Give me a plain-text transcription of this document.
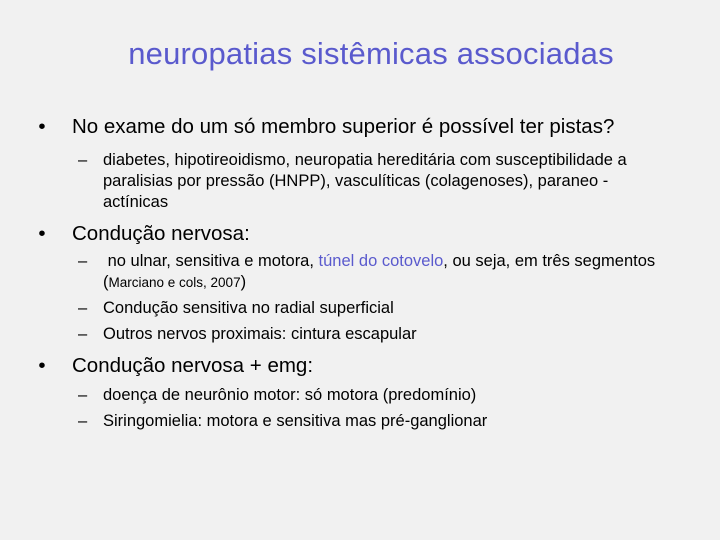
neuropatias sistêmicas associadas
•	No exame do um só membro superior é possível ter pistas?
– diabetes, hipotireoidismo, neuropatia hereditária com susceptibilidade a paralisias por pressão (HNPP), vasculíticas (colagenoses), paraneo - actínicas
•	Condução nervosa:
– no ulnar, sensitiva e motora, túnel do cotovelo, ou seja, em três segmentos (Marciano e cols, 2007)
– Condução sensitiva no radial superficial
– Outros nervos proximais: cintura escapular
•	Condução nervosa + emg:
– doença de neurônio motor: só motora (predomínio)
– Siringomielia: motora e sensitiva mas pré-ganglionar
